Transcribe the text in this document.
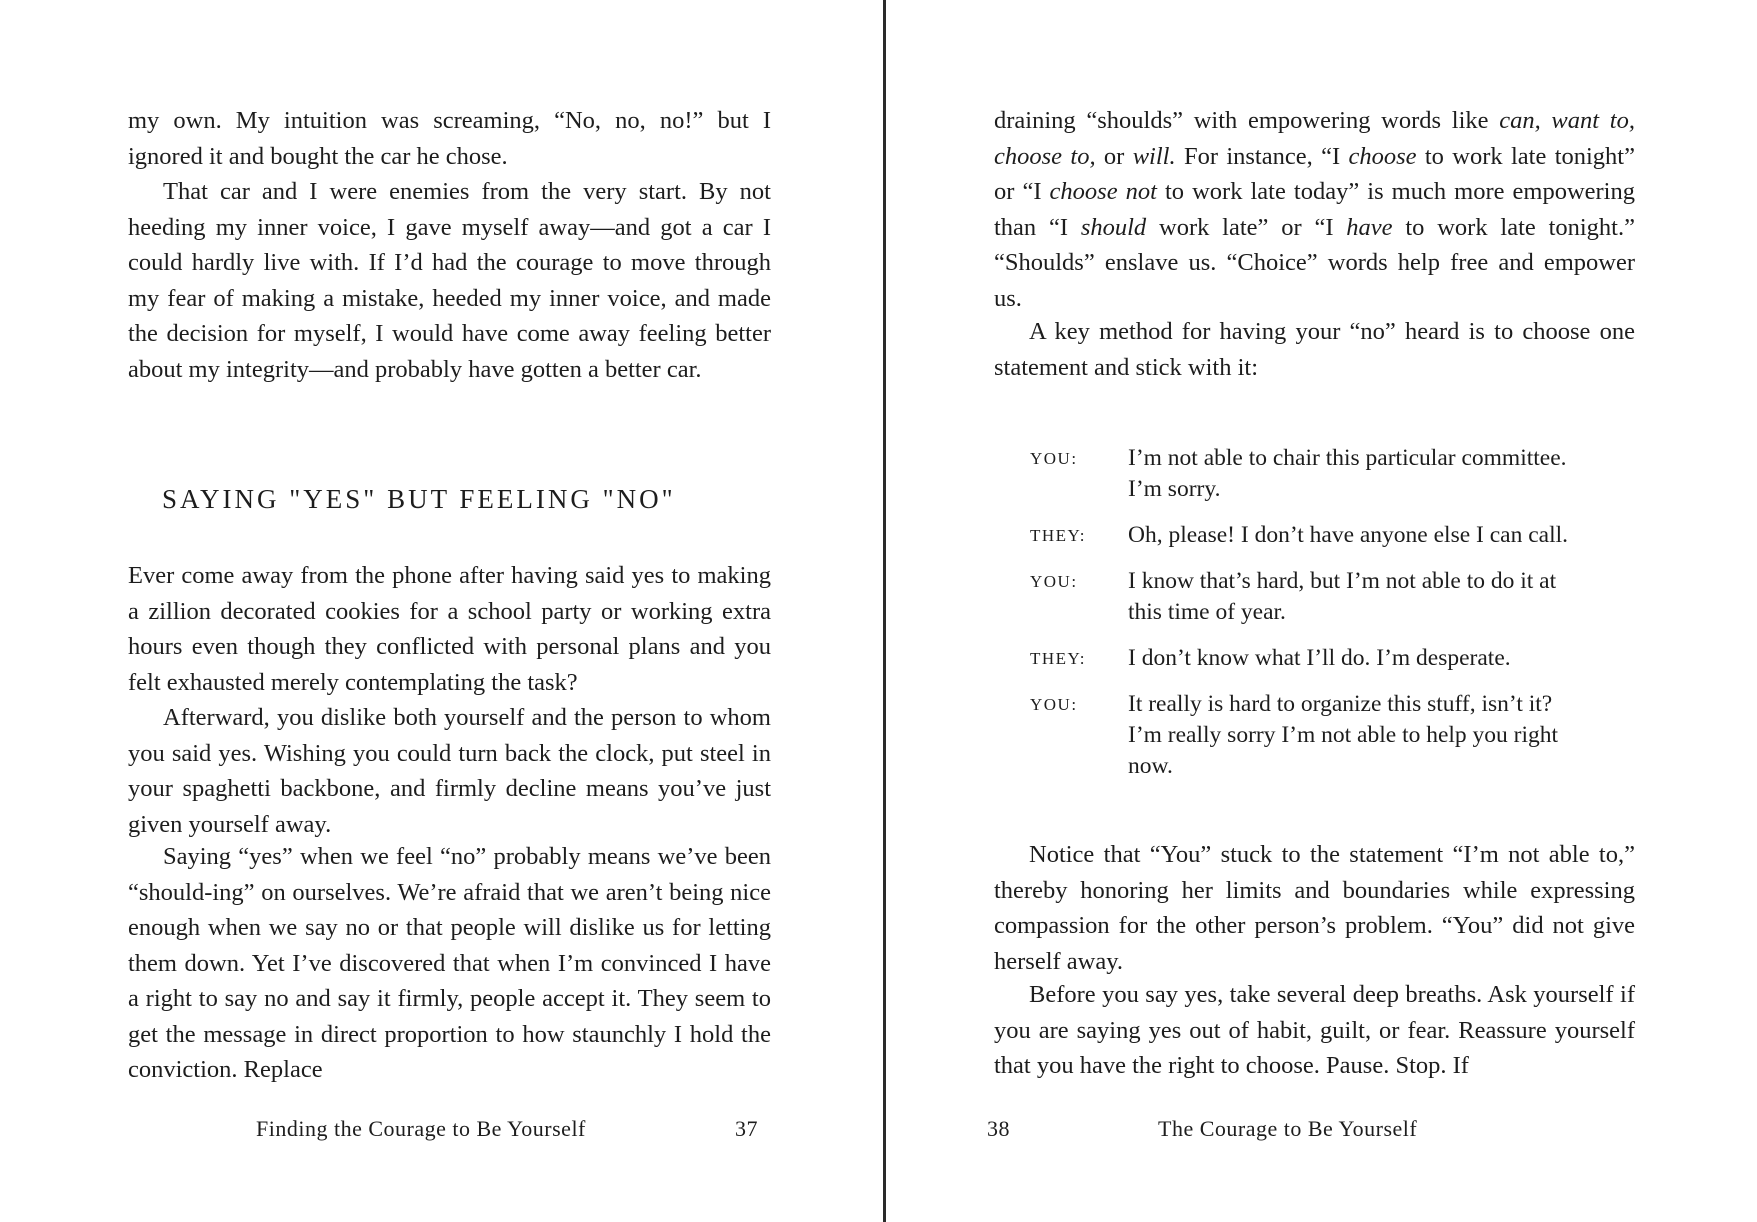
my own. My intuition was screaming, “No, no, no!” but I ignored it and bought the car he chose.

That car and I were enemies from the very start. By not heeding my inner voice, I gave myself away—and got a car I could hardly live with. If I’d had the courage to move through my fear of making a mistake, heeded my inner voice, and made the decision for myself, I would have come away feeling better about my integrity—and probably have gotten a better car.

SAYING "YES" BUT FEELING "NO"

Ever come away from the phone after having said yes to making a zillion decorated cookies for a school party or working extra hours even though they conflicted with personal plans and you felt exhausted merely contemplating the task?

Afterward, you dislike both yourself and the person to whom you said yes. Wishing you could turn back the clock, put steel in your spaghetti backbone, and firmly decline means you’ve just given yourself away.

Saying “yes” when we feel “no” probably means we’ve been “should-ing” on ourselves. We’re afraid that we aren’t being nice enough when we say no or that people will dislike us for letting them down. Yet I’ve discovered that when I’m convinced I have a right to say no and say it firmly, people accept it. They seem to get the message in direct proportion to how staunchly I hold the conviction. Replace

Finding the Courage to Be Yourself	37

draining “shoulds” with empowering words like can, want to, choose to, or will. For instance, “I choose to work late tonight” or “I choose not to work late today” is much more empowering than “I should work late” or “I have to work late tonight.” “Shoulds” enslave us. “Choice” words help free and empower us.

A key method for having your “no” heard is to choose one statement and stick with it:

YOU:	I’m not able to chair this particular committee. I’m sorry.
THEY:	Oh, please! I don’t have anyone else I can call.
YOU:	I know that’s hard, but I’m not able to do it at this time of year.
THEY:	I don’t know what I’ll do. I’m desperate.
YOU:	It really is hard to organize this stuff, isn’t it? I’m really sorry I’m not able to help you right now.

Notice that “You” stuck to the statement “I’m not able to,” thereby honoring her limits and boundaries while expressing compassion for the other person’s problem. “You” did not give herself away.

Before you say yes, take several deep breaths. Ask yourself if you are saying yes out of habit, guilt, or fear. Reassure yourself that you have the right to choose. Pause. Stop. If

38	The Courage to Be Yourself
